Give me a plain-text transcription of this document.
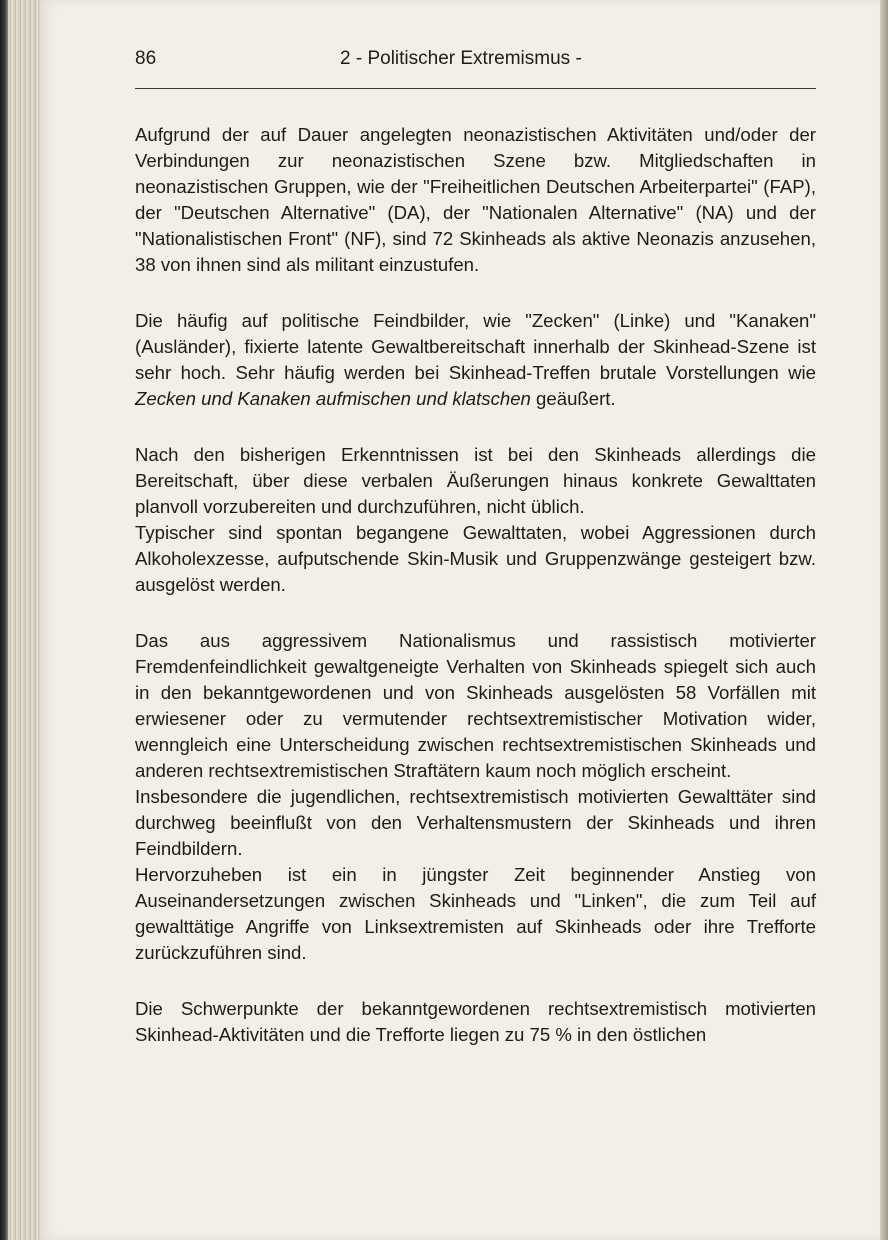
86	2 - Politischer Extremismus -

Aufgrund der auf Dauer angelegten neonazistischen Aktivitäten und/oder der Verbindungen zur neonazistischen Szene bzw. Mitgliedschaften in neonazistischen Gruppen, wie der "Freiheitlichen Deutschen Arbeiterpartei" (FAP), der "Deutschen Alternative" (DA), der "Nationalen Alternative" (NA) und der "Nationalistischen Front" (NF), sind 72 Skinheads als aktive Neonazis anzusehen, 38 von ihnen sind als militant einzustufen.

Die häufig auf politische Feindbilder, wie "Zecken" (Linke) und "Kanaken" (Ausländer), fixierte latente Gewaltbereitschaft innerhalb der Skinhead-Szene ist sehr hoch. Sehr häufig werden bei Skinhead-Treffen brutale Vorstellungen wie Zecken und Kanaken aufmischen und klatschen geäußert.

Nach den bisherigen Erkenntnissen ist bei den Skinheads allerdings die Bereitschaft, über diese verbalen Äußerungen hinaus konkrete Gewalttaten planvoll vorzubereiten und durchzuführen, nicht üblich.

Typischer sind spontan begangene Gewalttaten, wobei Aggressionen durch Alkoholexzesse, aufputschende Skin-Musik und Gruppenzwänge gesteigert bzw. ausgelöst werden.

Das aus aggressivem Nationalismus und rassistisch motivierter Fremdenfeindlichkeit gewaltgeneigte Verhalten von Skinheads spiegelt sich auch in den bekanntgewordenen und von Skinheads ausgelösten 58 Vorfällen mit erwiesener oder zu vermutender rechtsextremistischer Motivation wider, wenngleich eine Unterscheidung zwischen rechtsextremistischen Skinheads und anderen rechtsextremistischen Straftätern kaum noch möglich erscheint.

Insbesondere die jugendlichen, rechtsextremistisch motivierten Gewalttäter sind durchweg beeinflußt von den Verhaltensmustern der Skinheads und ihren Feindbildern.

Hervorzuheben ist ein in jüngster Zeit beginnender Anstieg von Auseinandersetzungen zwischen Skinheads und "Linken", die zum Teil auf gewalttätige Angriffe von Linksextremisten auf Skinheads oder ihre Trefforte zurückzuführen sind.

Die Schwerpunkte der bekanntgewordenen rechtsextremistisch motivierten Skinhead-Aktivitäten und die Trefforte liegen zu 75 % in den östlichen
